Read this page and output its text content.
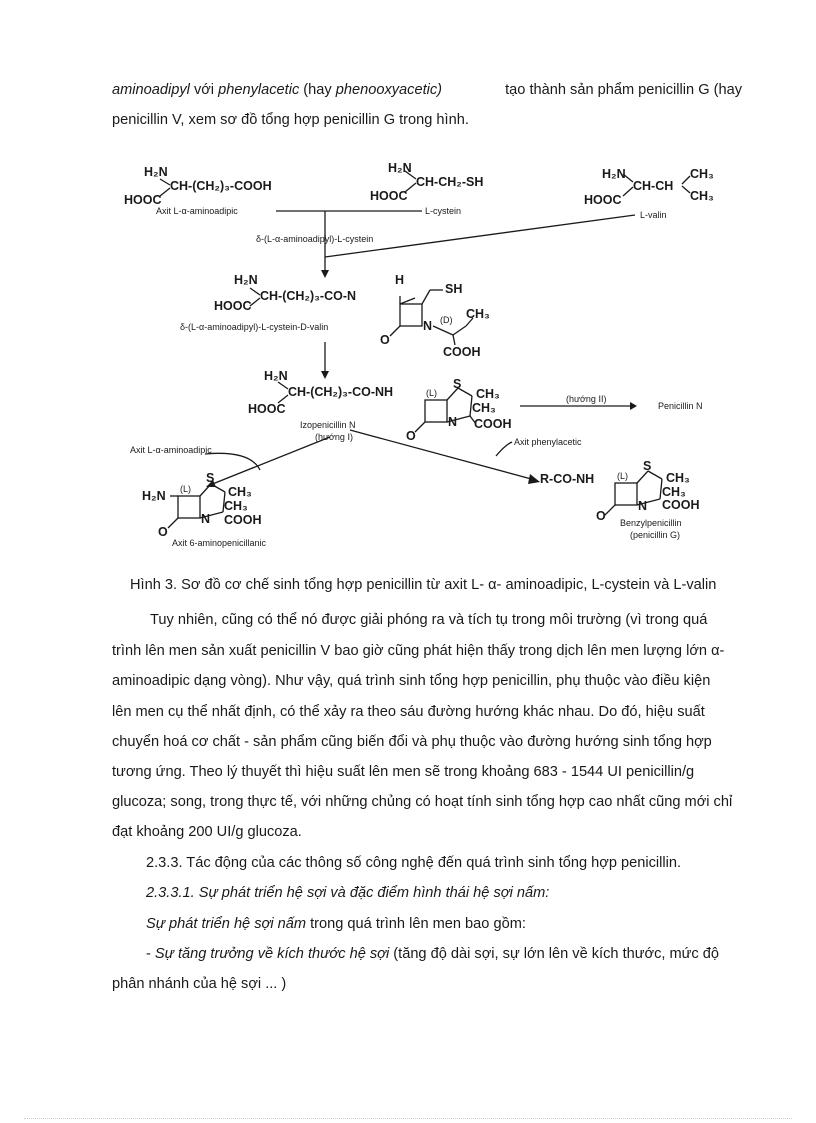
aminoadipyl với phenylacetic (hay phenooxyacetic)	tạo thành sản phẩm penicillin G (hay
penicillin V, xem sơ đồ tổng hợp penicillin G trong hình.
H₂N
CH-(CH₂)₃-COOH
HOOC
Axit L-α-aminoadipic
H₂N
CH-CH₂-SH
HOOC
L-cystein
H₂N
CH-CH
CH₃
CH₃
HOOC
L-valin
δ-(L-α-aminoadipyl)-L-cystein
H₂N
CH-(CH₂)₃-CO-N
H
SH
HOOC
N (D) CH₃
COOH
O
δ-(L-α-aminoadipyl)-L-cystein-D-valin
H₂N
CH-(CH₂)₃-CO-NH	(L)
S
CH₃
CH₃
HOOC
N COOH
O
Izopenicillin N
(hướng I)
(hướng II)
Penicillin N
Axit L-α-aminoadipic
Axit phenylacetic
H₂N (L)
S
CH₃
CH₃
N COOH
O
Axit 6-aminopenicillanic
R-CO-NH	(L)
S
CH₃
CH₃
N COOH
O Benzylpenicillin
(penicillin G)
Hình 3. Sơ đồ cơ chế sinh tổng hợp penicillin từ axit L- α- aminoadipic, L-cystein và L-valin
Tuy nhiên, cũng có thể nó được giải phóng ra và tích tụ trong môi trường (vì trong quá
trình lên men sản xuất penicillin V bao giờ cũng phát hiện thấy trong dịch lên men lượng lớn α-
aminoadipic dạng vòng). Như vậy, quá trình sinh tổng hợp penicillin, phụ thuộc vào điều kiện
lên men cụ thể nhất định, có thể xảy ra theo sáu đường hướng khác nhau. Do đó, hiệu suất
chuyển hoá cơ chất - sản phẩm cũng biến đổi và phụ thuộc vào đường hướng sinh tổng hợp
tương ứng. Theo lý thuyết thì hiệu suất lên men sẽ trong khoảng 683 - 1544 UI penicillin/g
glucoza; song, trong thực tế, với những chủng có hoạt tính sinh tổng hợp cao nhất cũng mới chỉ
đạt khoảng 200 UI/g glucoza.
2.3.3. Tác động của các thông số công nghệ đến quá trình sinh tổng hợp penicillin.
2.3.3.1. Sự phát triển hệ sợi và đặc điểm hình thái hệ sợi nấm:
Sự phát triển hệ sợi nấm trong quá trình lên men bao gồm:
- Sự tăng trưởng về kích thước hệ sợi (tăng độ dài sợi, sự lớn lên về kích thước, mức độ
phân nhánh của hệ sợi ... )
